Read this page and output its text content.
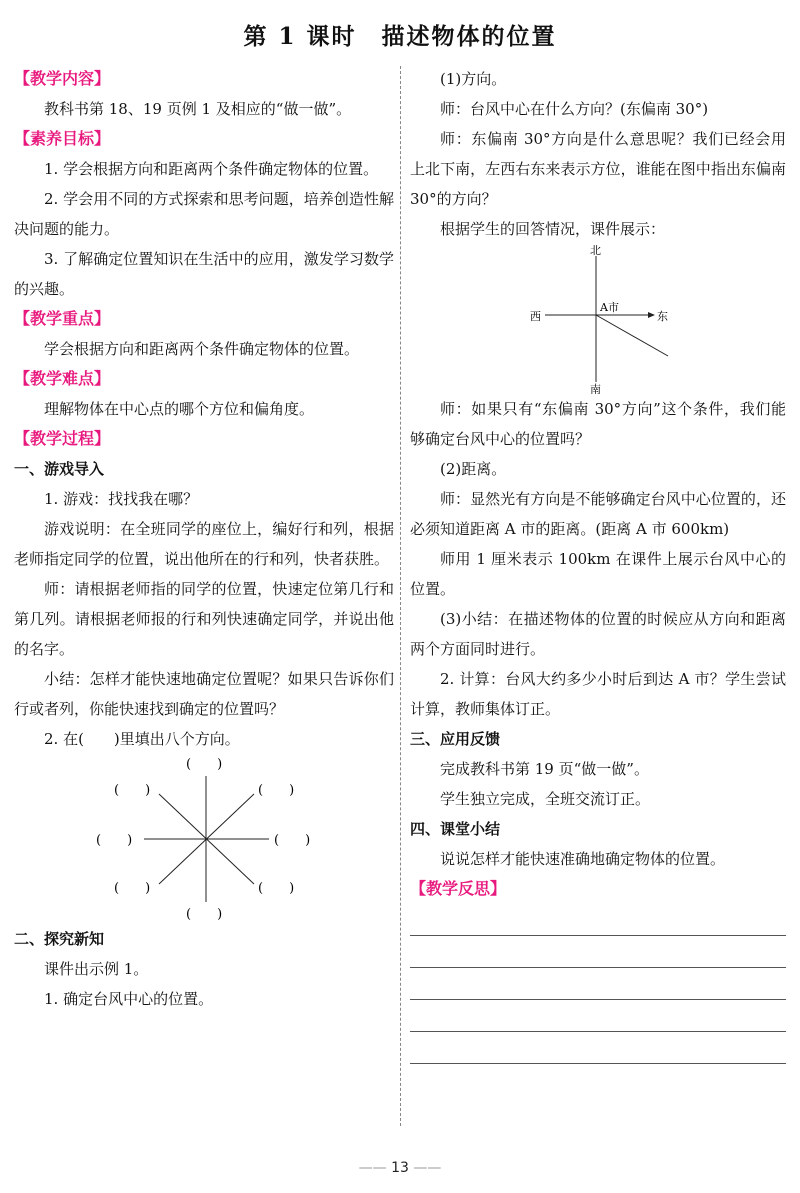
第 1 课时　描述物体的位置
【教学内容】

教科书第 18、19 页例 1 及相应的“做一做”。

【素养目标】

1. 学会根据方向和距离两个条件确定物体的位置。

2. 学会用不同的方式探索和思考问题，培养创造性解决问题的能力。

3. 了解确定位置知识在生活中的应用，激发学习数学的兴趣。

【教学重点】

学会根据方向和距离两个条件确定物体的位置。

【教学难点】

理解物体在中心点的哪个方位和偏角度。

【教学过程】
一、游戏导入

1. 游戏：找找我在哪？

游戏说明：在全班同学的座位上，编好行和列，根据老师指定同学的位置，说出他所在的行和列，快者获胜。

师：请根据老师指的同学的位置，快速定位第几行和第几列。请根据老师报的行和列快速确定同学，并说出他的名字。

小结：怎样才能快速地确定位置呢？如果只告诉你们行或者列，你能快速找到确定的位置吗？

2. 在(　　)里填出八个方向。

(　　)
(　　)	(　　)
(　　)	(　　)
(　　)	(　　)
(　　)
二、探究新知

课件出示例 1。

1. 确定台风中心的位置。

(1)方向。

师：台风中心在什么方向？(东偏南 30°)

师：东偏南 30°方向是什么意思呢？我们已经会用上北下南，左西右东来表示方位，谁能在图中指出东偏南 30°的方向？

根据学生的回答情况，课件展示：

北
南
西	东
A市

师：如果只有“东偏南 30°方向”这个条件，我们能够确定台风中心的位置吗？

(2)距离。

师：显然光有方向是不能够确定台风中心位置的，还必须知道距离 A 市的距离。(距离 A 市 600km)

师用 1 厘米表示 100km 在课件上展示台风中心的位置。

(3)小结：在描述物体的位置的时候应从方向和距离两个方面同时进行。

2. 计算：台风大约多少小时后到达 A 市？学生尝试计算，教师集体订正。

三、应用反馈

完成教科书第 19 页“做一做”。

学生独立完成，全班交流订正。

四、课堂小结

说说怎样才能快速准确地确定物体的位置。

【教学反思】
—— 13 ——
